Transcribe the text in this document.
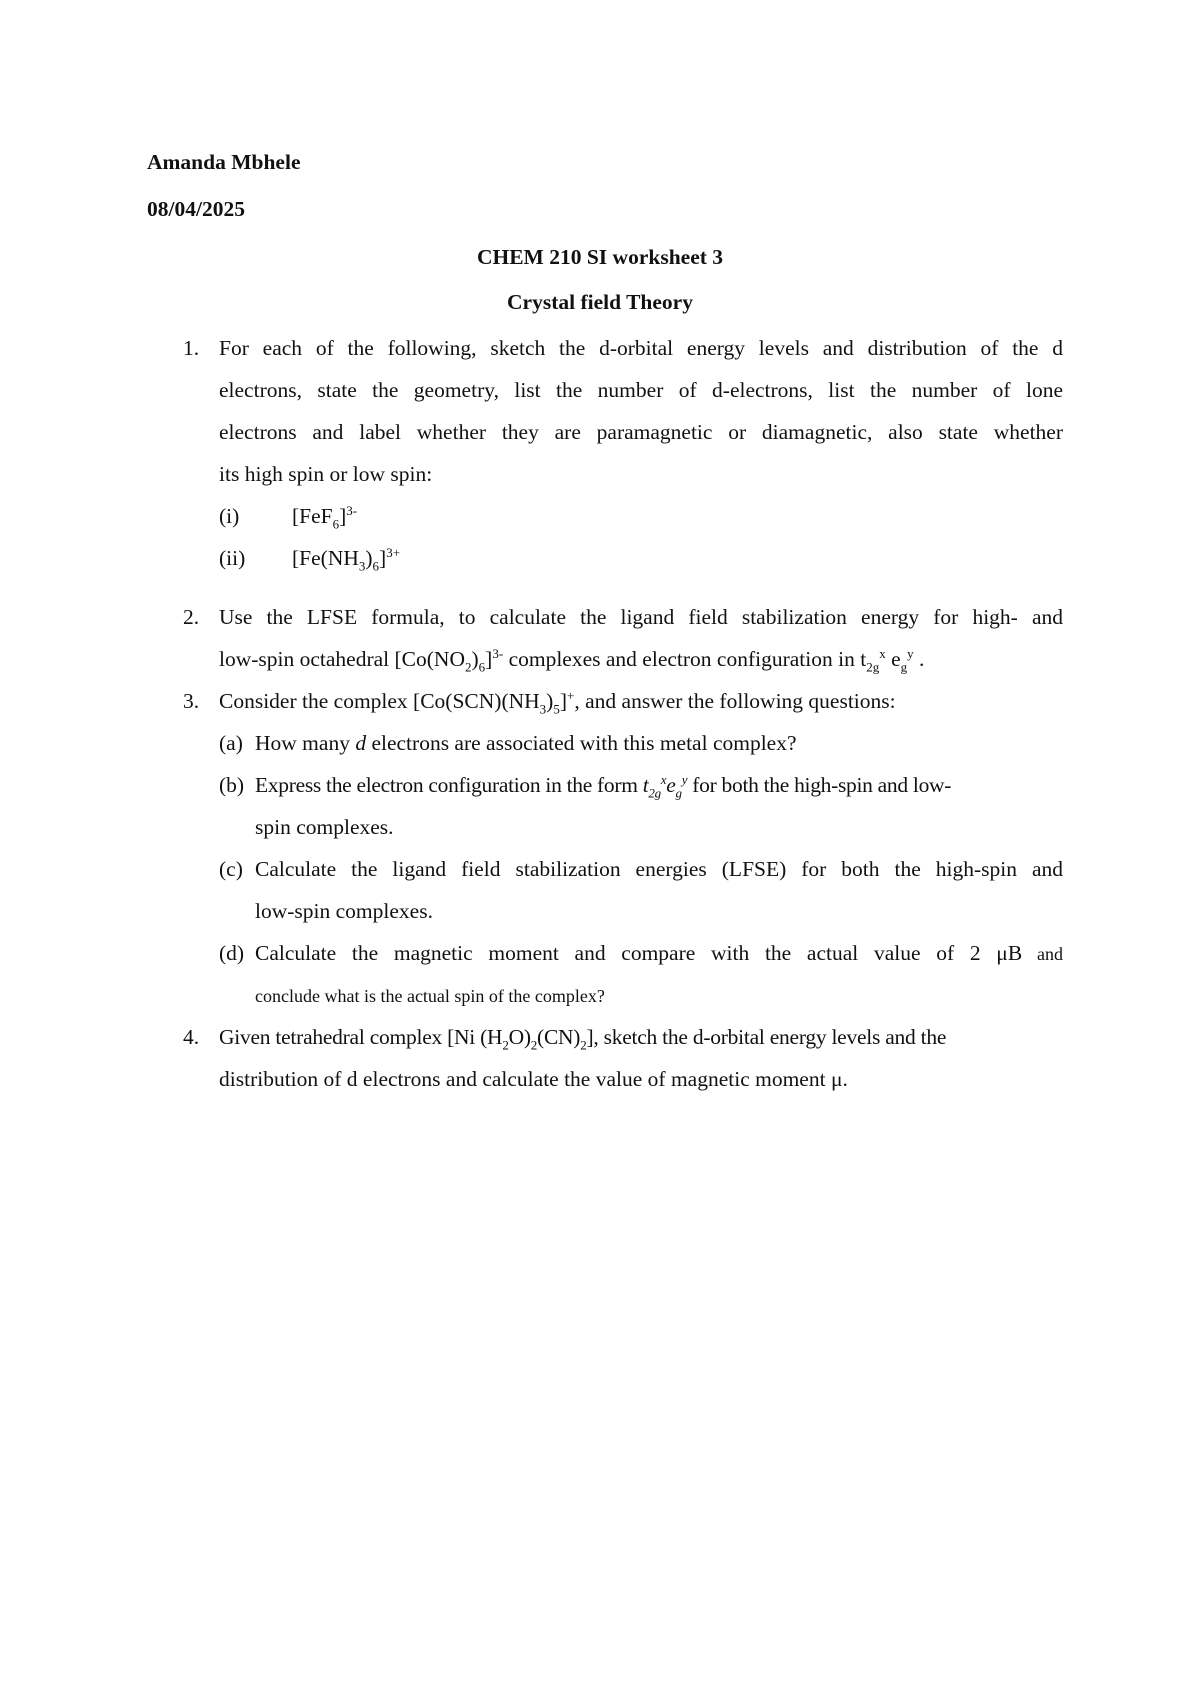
Amanda Mbhele
08/04/2025
CHEM 210 SI worksheet 3
Crystal field Theory
1. For each of the following, sketch the d-orbital energy levels and distribution of the d
electrons, state the geometry, list the number of d-electrons, list the number of lone
electrons and label whether they are paramagnetic or diamagnetic, also state whether
its high spin or low spin:
(i) $[FeF_6]^{3-}$
(ii) $[Fe(NH_3)_6]^{3+}$
2. Use the LFSE formula, to calculate the ligand field stabilization energy for high- and
low-spin octahedral $[Co(NO_2)_6]^{3-}$ complexes and electron configuration in $t_{2g}^x$ $e_g^y$ .
3. Consider the complex $[Co(SCN)(NH_3)_5]^+$, and answer the following questions:
(a) How many d electrons are associated with this metal complex?
(b) Express the electron configuration in the form $t_{2g}^xe_g^y$ for both the high-spin and low-
spin complexes.
(c) Calculate the ligand field stabilization energies (LFSE) for both the high-spin and
low-spin complexes.
(d) Calculate the magnetic moment and compare with the actual value of 2 μB and
conclude what is the actual spin of the complex?
4. Given tetrahedral complex [Ni $(H_2O)_2(CN)_2$], sketch the d-orbital energy levels and the
distribution of d electrons and calculate the value of magnetic moment μ.
